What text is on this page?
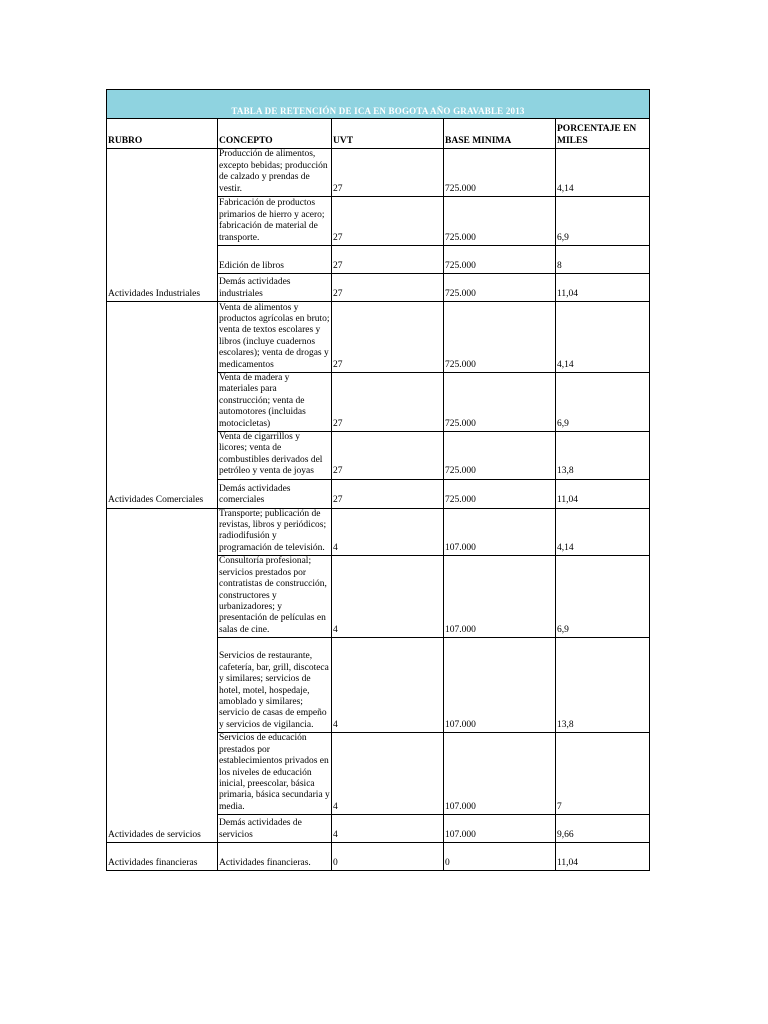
TABLA DE RETENCIÓN DE ICA EN BOGOTA AÑO GRAVABLE 2013				
RUBRO	CONCEPTO	UVT	BASE MINIMA	PORCENTAJE EN MILES
	Producción de alimentos, excepto bebidas; producción de calzado y prendas de vestir.	27	725.000	4,14
	Fabricación de productos primarios de hierro y acero; fabricación de material de transporte.	27	725.000	6,9
	Edición de libros	27	725.000	8
Actividades Industriales	Demás actividades industriales	27	725.000	11,04
	Venta de alimentos y productos agrícolas en bruto; venta de textos escolares y libros (incluye cuadernos escolares); venta de drogas y medicamentos	27	725.000	4,14
	Venta de madera y materiales para construcción; venta de automotores (incluidas motocicletas)	27	725.000	6,9
	Venta de cigarrillos y licores; venta de combustibles derivados del petróleo y venta de joyas	27	725.000	13,8
Actividades Comerciales	Demás actividades comerciales	27	725.000	11,04
	Transporte; publicación de revistas, libros y periódicos; radiodifusión y programación de televisión.	4	107.000	4,14
	Consultoría profesional; servicios prestados por contratistas de construcción, constructores y urbanizadores; y presentación de películas en salas de cine.	4	107.000	6,9
	Servicios de restaurante, cafetería, bar, grill, discoteca y similares; servicios de hotel, motel, hospedaje, amoblado y similares; servicio de casas de empeño y servicios de vigilancia.	4	107.000	13,8
	Servicios de educación prestados por establecimientos privados en los niveles de educación inicial, preescolar, básica primaria, básica secundaria y media.	4	107.000	7
Actividades de servicios	Demás actividades de servicios	4	107.000	9,66
Actividades financieras	Actividades financieras.	0	0	11,04
